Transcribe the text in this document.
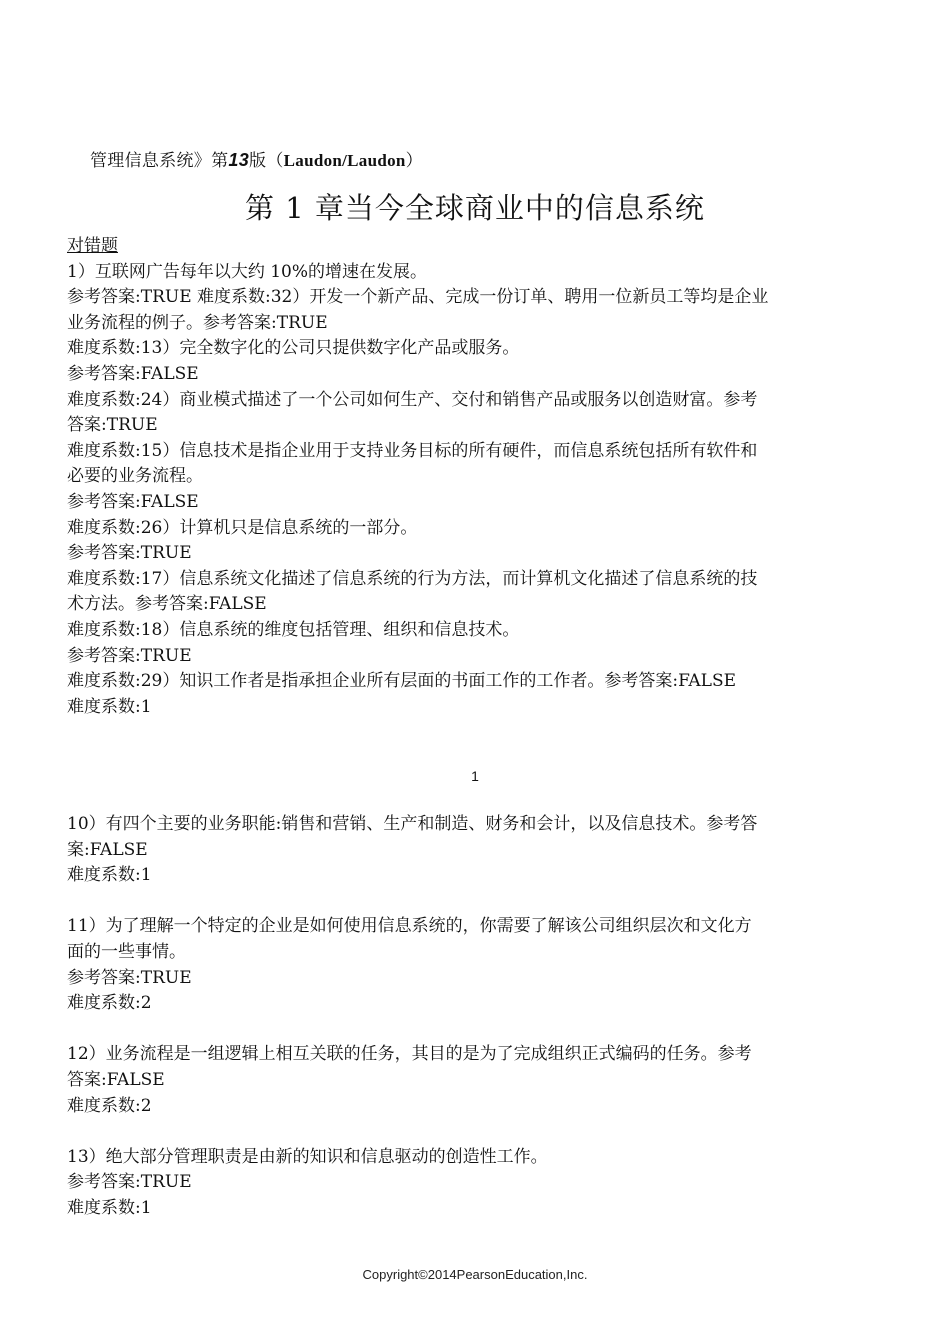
管理信息系统》第13版（Laudon/Laudon）
第 1 章当今全球商业中的信息系统
对错题
1）互联网广告每年以大约 10%的增速在发展。
参考答案:TRUE 难度系数:32）开发一个新产品、完成一份订单、聘用一位新员工等均是企业
业务流程的例子。参考答案:TRUE
难度系数:13）完全数字化的公司只提供数字化产品或服务。
参考答案:FALSE
难度系数:24）商业模式描述了一个公司如何生产、交付和销售产品或服务以创造财富。参考
答案:TRUE
难度系数:15）信息技术是指企业用于支持业务目标的所有硬件，而信息系统包括所有软件和
必要的业务流程。
参考答案:FALSE
难度系数:26）计算机只是信息系统的一部分。
参考答案:TRUE
难度系数:17）信息系统文化描述了信息系统的行为方法，而计算机文化描述了信息系统的技
术方法。参考答案:FALSE
难度系数:18）信息系统的维度包括管理、组织和信息技术。
参考答案:TRUE
难度系数:29）知识工作者是指承担企业所有层面的书面工作的工作者。参考答案:FALSE
难度系数:1
1
10）有四个主要的业务职能:销售和营销、生产和制造、财务和会计，以及信息技术。参考答
案:FALSE
难度系数:1
11）为了理解一个特定的企业是如何使用信息系统的，你需要了解该公司组织层次和文化方
面的一些事情。
参考答案:TRUE
难度系数:2
12）业务流程是一组逻辑上相互关联的任务，其目的是为了完成组织正式编码的任务。参考
答案:FALSE
难度系数:2
13）绝大部分管理职责是由新的知识和信息驱动的创造性工作。
参考答案:TRUE
难度系数:1
Copyright©2014PearsonEducation,Inc.
